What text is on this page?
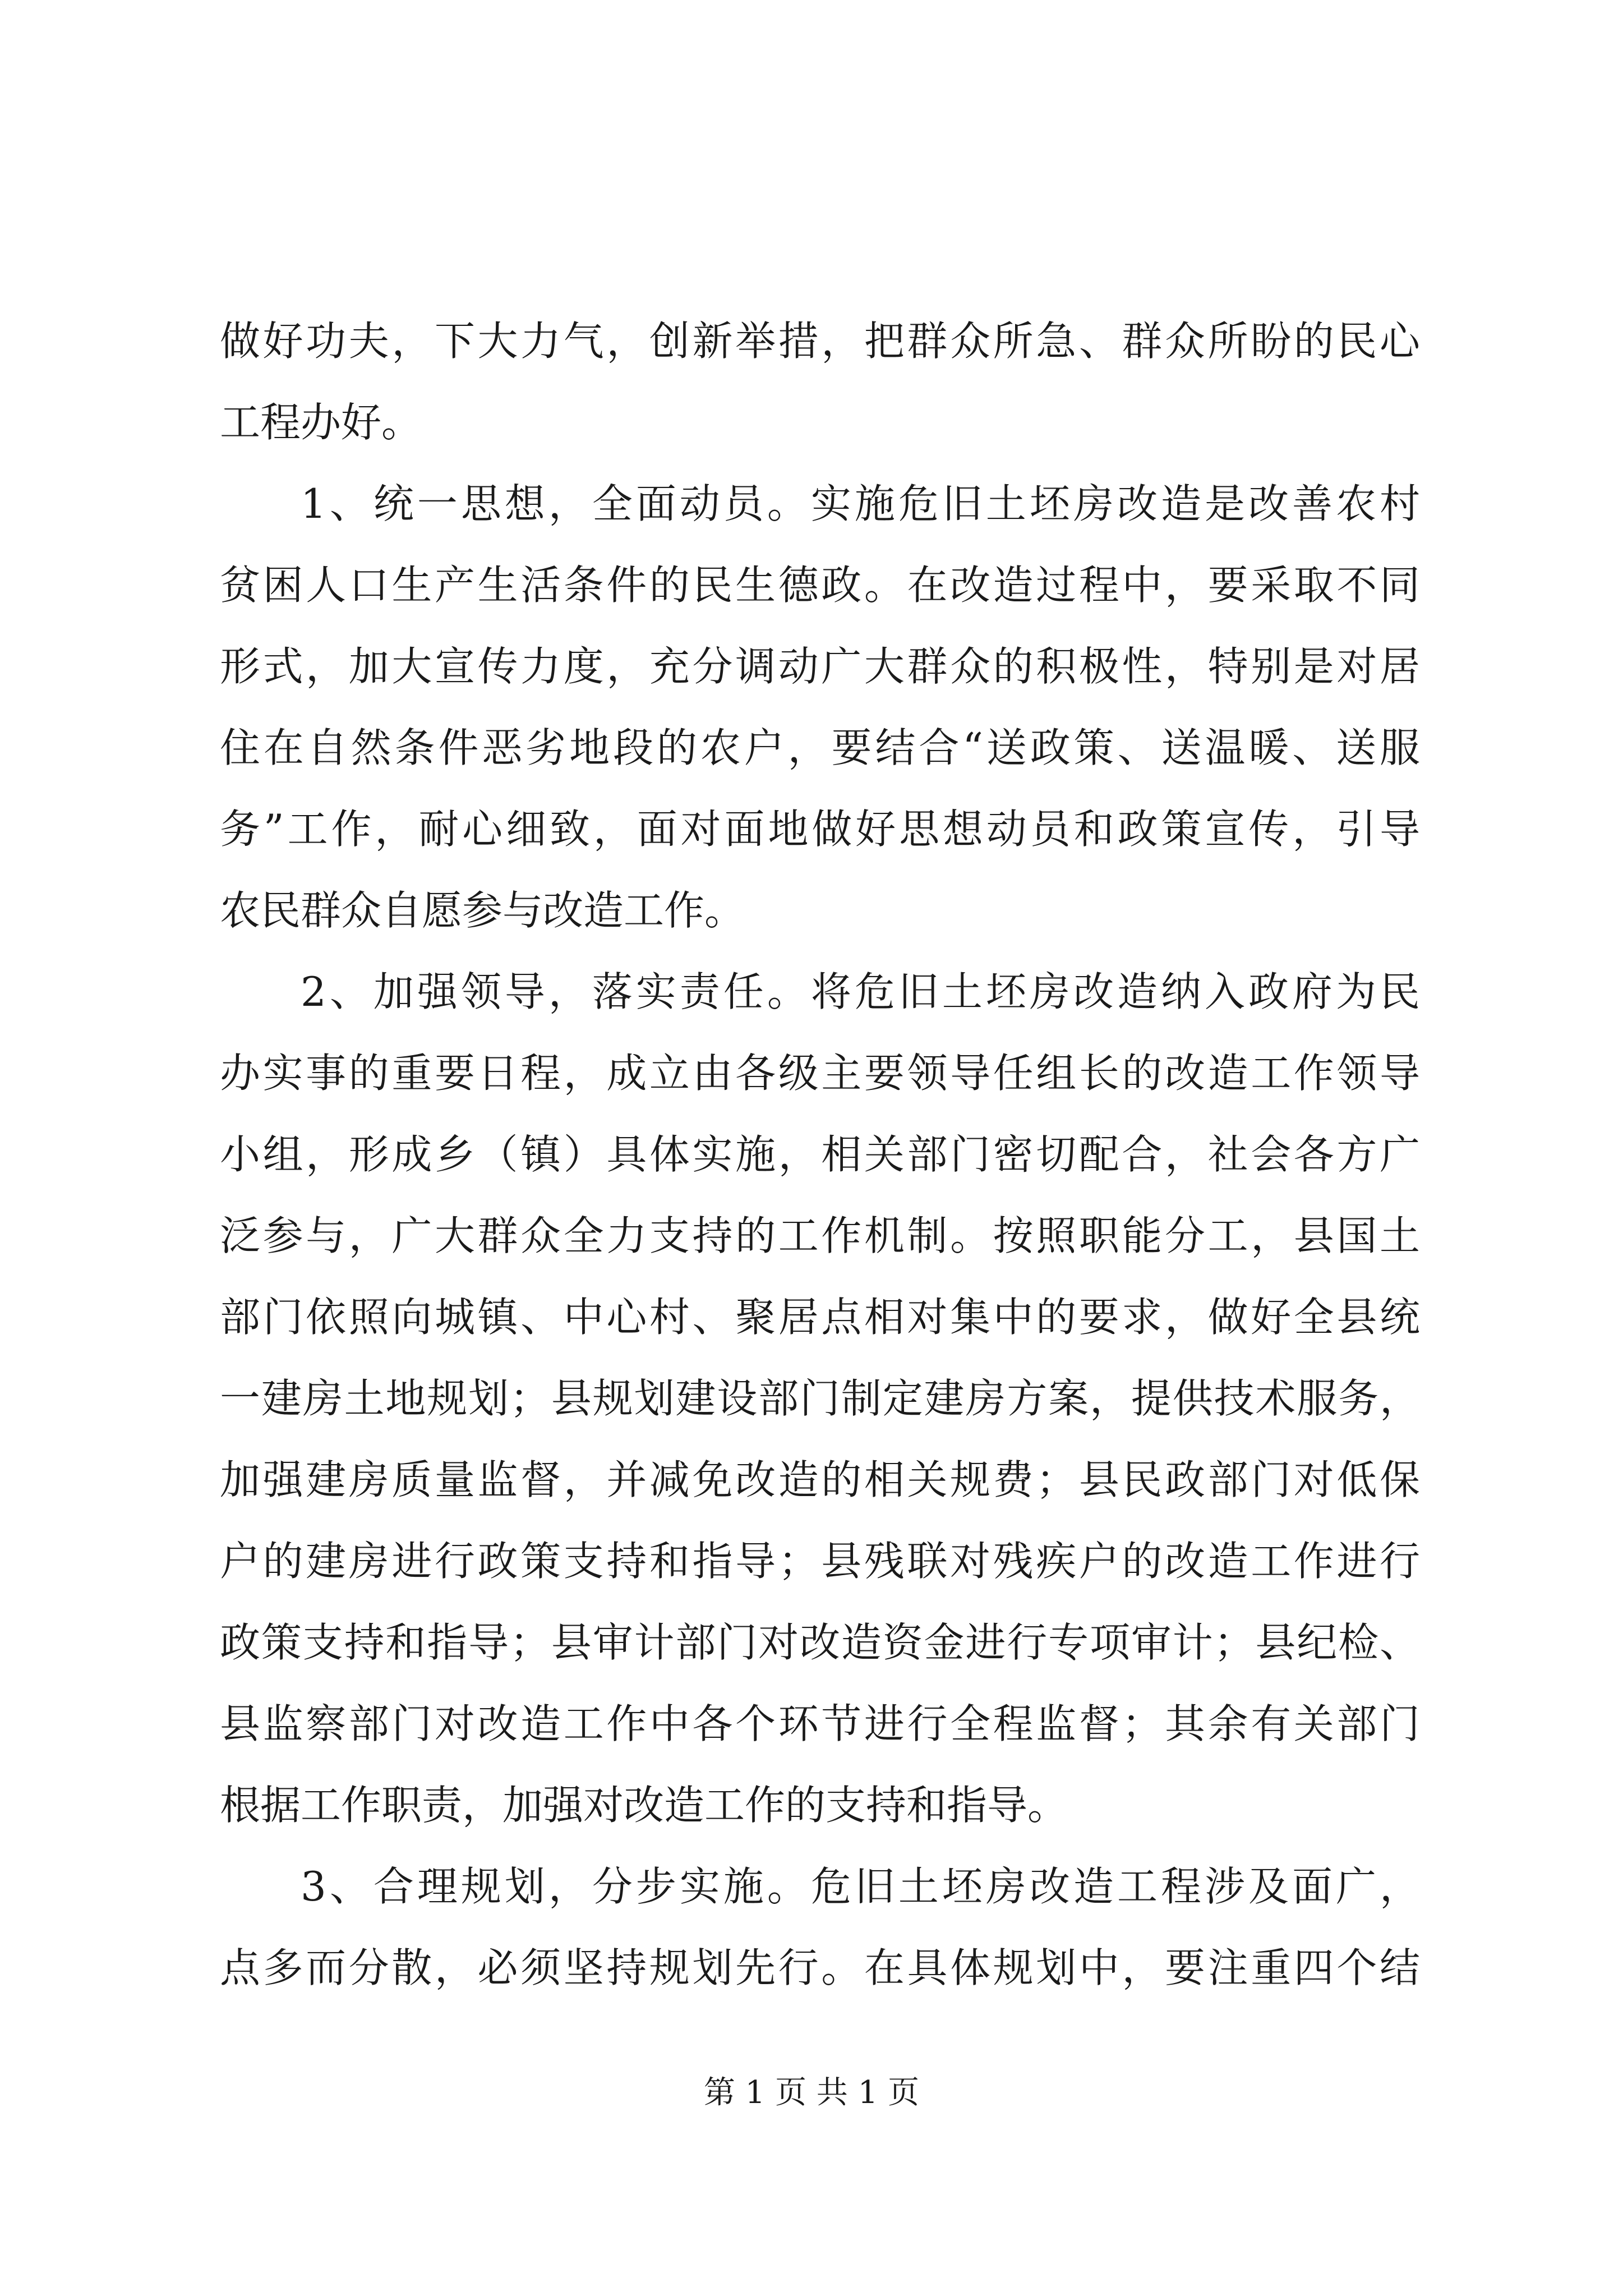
做好功夫，下大力气，创新举措，把群众所急、群众所盼的民心
工程办好。
1、统一思想，全面动员。实施危旧土坯房改造是改善农村
贫困人口生产生活条件的民生德政。在改造过程中，要采取不同
形式，加大宣传力度，充分调动广大群众的积极性，特别是对居
住在自然条件恶劣地段的农户，要结合“送政策、送温暖、送服
务”工作，耐心细致，面对面地做好思想动员和政策宣传，引导
农民群众自愿参与改造工作。
2、加强领导，落实责任。将危旧土坯房改造纳入政府为民
办实事的重要日程，成立由各级主要领导任组长的改造工作领导
小组，形成乡（镇）具体实施，相关部门密切配合，社会各方广
泛参与，广大群众全力支持的工作机制。按照职能分工，县国土
部门依照向城镇、中心村、聚居点相对集中的要求，做好全县统
一建房土地规划；县规划建设部门制定建房方案，提供技术服务，
加强建房质量监督，并减免改造的相关规费；县民政部门对低保
户的建房进行政策支持和指导；县残联对残疾户的改造工作进行
政策支持和指导；县审计部门对改造资金进行专项审计；县纪检、
县监察部门对改造工作中各个环节进行全程监督；其余有关部门
根据工作职责，加强对改造工作的支持和指导。
3、合理规划，分步实施。危旧土坯房改造工程涉及面广，
点多而分散，必须坚持规划先行。在具体规划中，要注重四个结
第 1 页 共 1 页
